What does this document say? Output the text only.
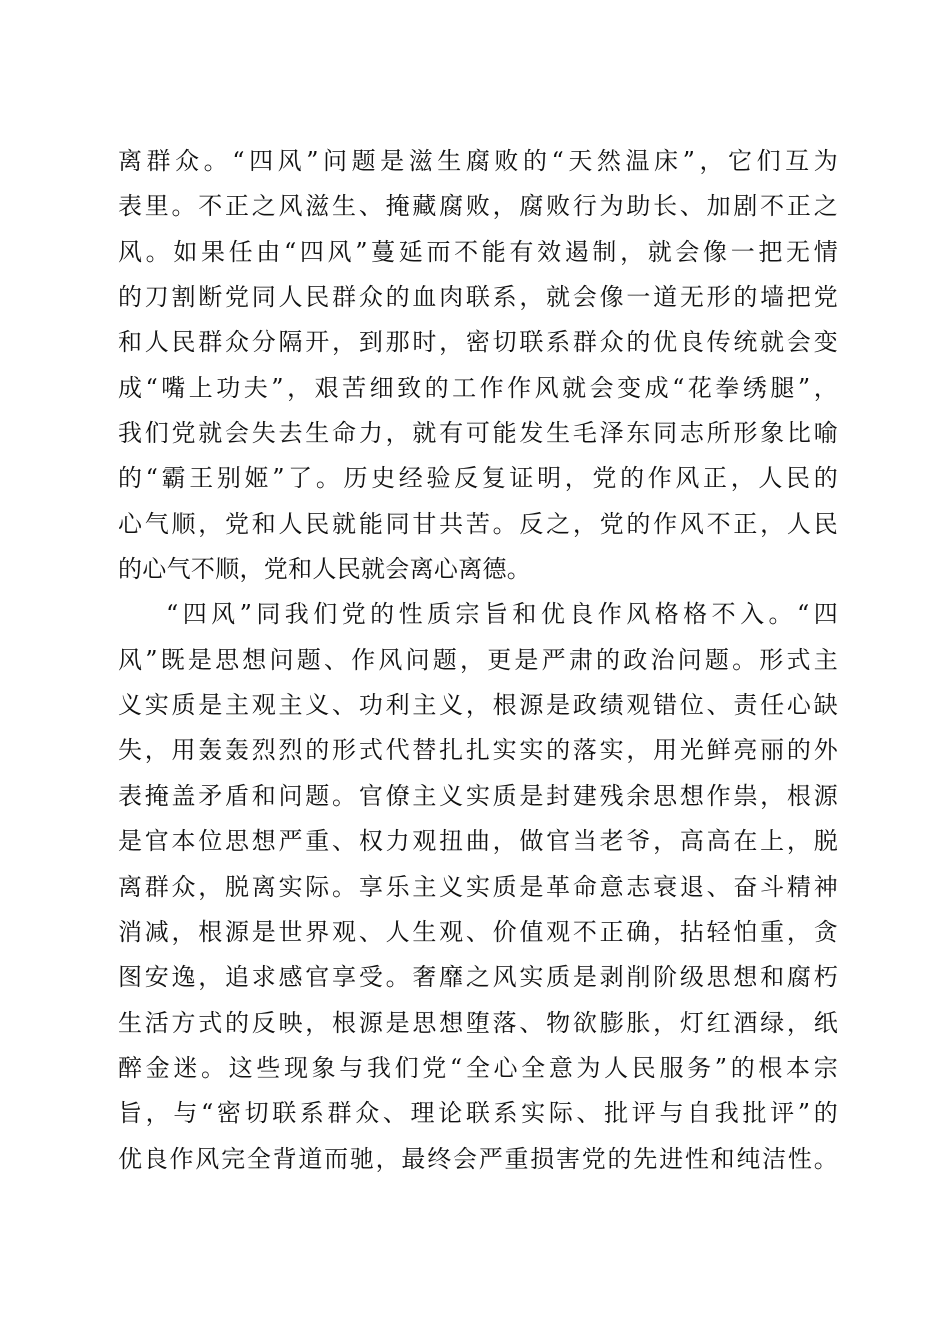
离群众。“四风”问题是滋生腐败的“天然温床”，它们互为
表里。不正之风滋生、掩藏腐败，腐败行为助长、加剧不正之
风。如果任由“四风”蔓延而不能有效遏制，就会像一把无情
的刀割断党同人民群众的血肉联系，就会像一道无形的墙把党
和人民群众分隔开，到那时，密切联系群众的优良传统就会变
成“嘴上功夫”，艰苦细致的工作作风就会变成“花拳绣腿”，
我们党就会失去生命力，就有可能发生毛泽东同志所形象比喻
的“霸王别姬”了。历史经验反复证明，党的作风正，人民的
心气顺，党和人民就能同甘共苦。反之，党的作风不正，人民
的心气不顺，党和人民就会离心离德。
“四风”同我们党的性质宗旨和优良作风格格不入。“四
风”既是思想问题、作风问题，更是严肃的政治问题。形式主
义实质是主观主义、功利主义，根源是政绩观错位、责任心缺
失，用轰轰烈烈的形式代替扎扎实实的落实，用光鲜亮丽的外
表掩盖矛盾和问题。官僚主义实质是封建残余思想作祟，根源
是官本位思想严重、权力观扭曲，做官当老爷，高高在上，脱
离群众，脱离实际。享乐主义实质是革命意志衰退、奋斗精神
消减，根源是世界观、人生观、价值观不正确，拈轻怕重，贪
图安逸，追求感官享受。奢靡之风实质是剥削阶级思想和腐朽
生活方式的反映，根源是思想堕落、物欲膨胀，灯红酒绿，纸
醉金迷。这些现象与我们党“全心全意为人民服务”的根本宗
旨，与“密切联系群众、理论联系实际、批评与自我批评”的
优良作风完全背道而驰，最终会严重损害党的先进性和纯洁性。
